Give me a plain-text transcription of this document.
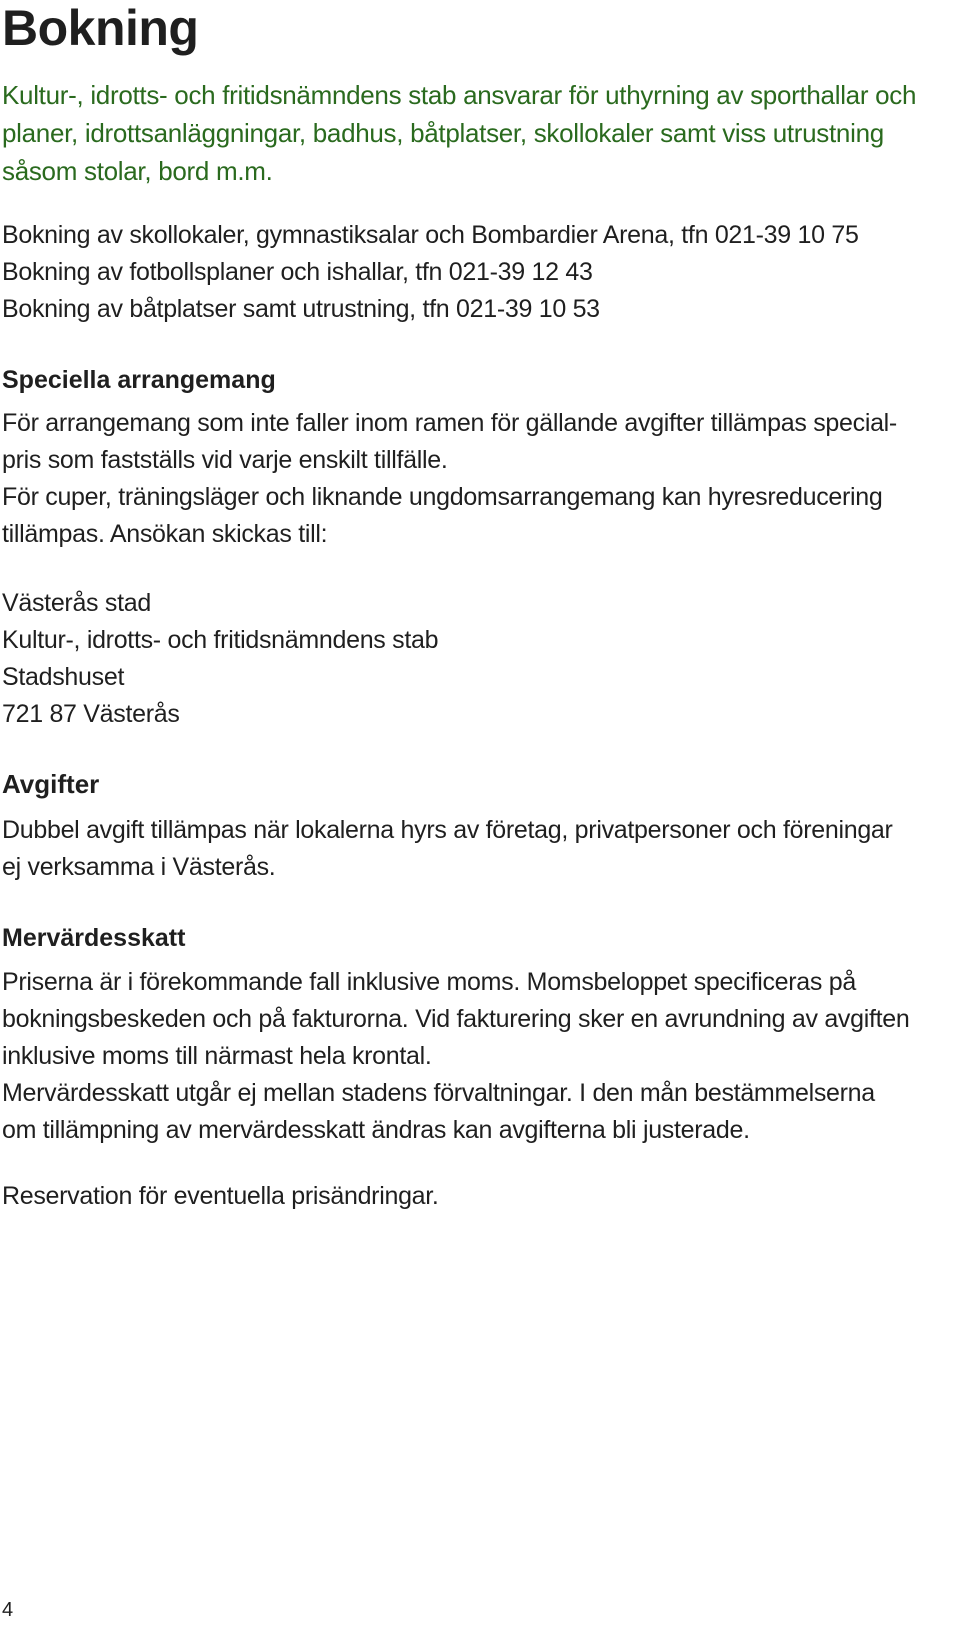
Bokning

Kultur-, idrotts- och fritidsnämndens stab ansvarar för uthyrning av sporthallar och planer, idrottsanläggningar, badhus, båtplatser, skollokaler samt viss utrustning såsom stolar, bord m.m.

Bokning av skollokaler, gymnastiksalar och Bombardier Arena, tfn 021-39 10 75
Bokning av fotbollsplaner och ishallar, tfn 021-39 12 43
Bokning av båtplatser samt utrustning, tfn 021-39 10 53
Speciella arrangemang
För arrangemang som inte faller inom ramen för gällande avgifter tillämpas special-
pris som fastställs vid varje enskilt tillfälle.
För cuper, träningsläger och liknande ungdomsarrangemang kan hyresreducering
tillämpas. Ansökan skickas till:
Västerås stad
Kultur-, idrotts- och fritidsnämndens stab
Stadshuset
721 87 Västerås
Avgifter
Dubbel avgift tillämpas när lokalerna hyrs av företag, privatpersoner och föreningar
ej verksamma i Västerås.
Mervärdesskatt
Priserna är i förekommande fall inklusive moms. Momsbeloppet specificeras på
bokningsbeskeden och på fakturorna. Vid fakturering sker en avrundning av avgiften
inklusive moms till närmast hela krontal.
Mervärdesskatt utgår ej mellan stadens förvaltningar. I den mån bestämmelserna
om tillämpning av mervärdesskatt ändras kan avgifterna bli justerade.
Reservation för eventuella prisändringar.
4
